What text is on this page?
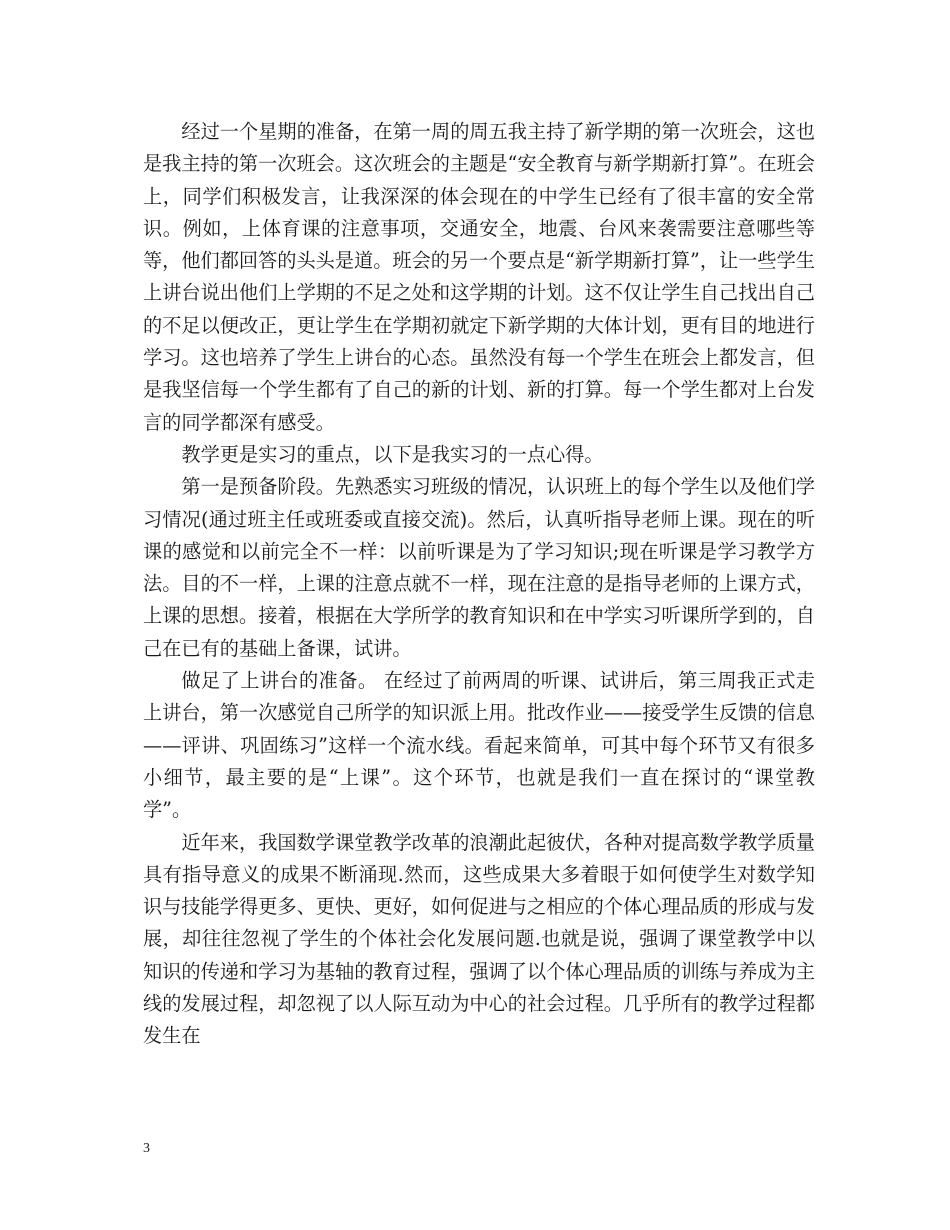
经过一个星期的准备，在第一周的周五我主持了新学期的第一次班会，这也是我主持的第一次班会。这次班会的主题是“安全教育与新学期新打算”。在班会上，同学们积极发言，让我深深的体会现在的中学生已经有了很丰富的安全常识。例如，上体育课的注意事项，交通安全，地震、台风来袭需要注意哪些等等，他们都回答的头头是道。班会的另一个要点是“新学期新打算”，让一些学生上讲台说出他们上学期的不足之处和这学期的计划。这不仅让学生自己找出自己的不足以便改正，更让学生在学期初就定下新学期的大体计划，更有目的地进行学习。这也培养了学生上讲台的心态。虽然没有每一个学生在班会上都发言，但是我坚信每一个学生都有了自己的新的计划、新的打算。每一个学生都对上台发言的同学都深有感受。

教学更是实习的重点，以下是我实习的一点心得。

第一是预备阶段。先熟悉实习班级的情况，认识班上的每个学生以及他们学习情况(通过班主任或班委或直接交流)。然后，认真听指导老师上课。现在的听课的感觉和以前完全不一样：以前听课是为了学习知识;现在听课是学习教学方法。目的不一样，上课的注意点就不一样，现在注意的是指导老师的上课方式，上课的思想。接着，根据在大学所学的教育知识和在中学实习听课所学到的，自己在已有的基础上备课，试讲。

做足了上讲台的准备。 在经过了前两周的听课、试讲后，第三周我正式走上讲台，第一次感觉自己所学的知识派上用。批改作业——接受学生反馈的信息——评讲、巩固练习”这样一个流水线。看起来简单，可其中每个环节又有很多小细节，最主要的是“上课”。这个环节，也就是我们一直在探讨的“课堂教学”。

近年来，我国数学课堂教学改革的浪潮此起彼伏，各种对提高数学教学质量具有指导意义的成果不断涌现.然而，这些成果大多着眼于如何使学生对数学知识与技能学得更多、更快、更好，如何促进与之相应的个体心理品质的形成与发展，却往往忽视了学生的个体社会化发展问题.也就是说，强调了课堂教学中以知识的传递和学习为基轴的教育过程，强调了以个体心理品质的训练与养成为主线的发展过程，却忽视了以人际互动为中心的社会过程。几乎所有的教学过程都发生在

3
